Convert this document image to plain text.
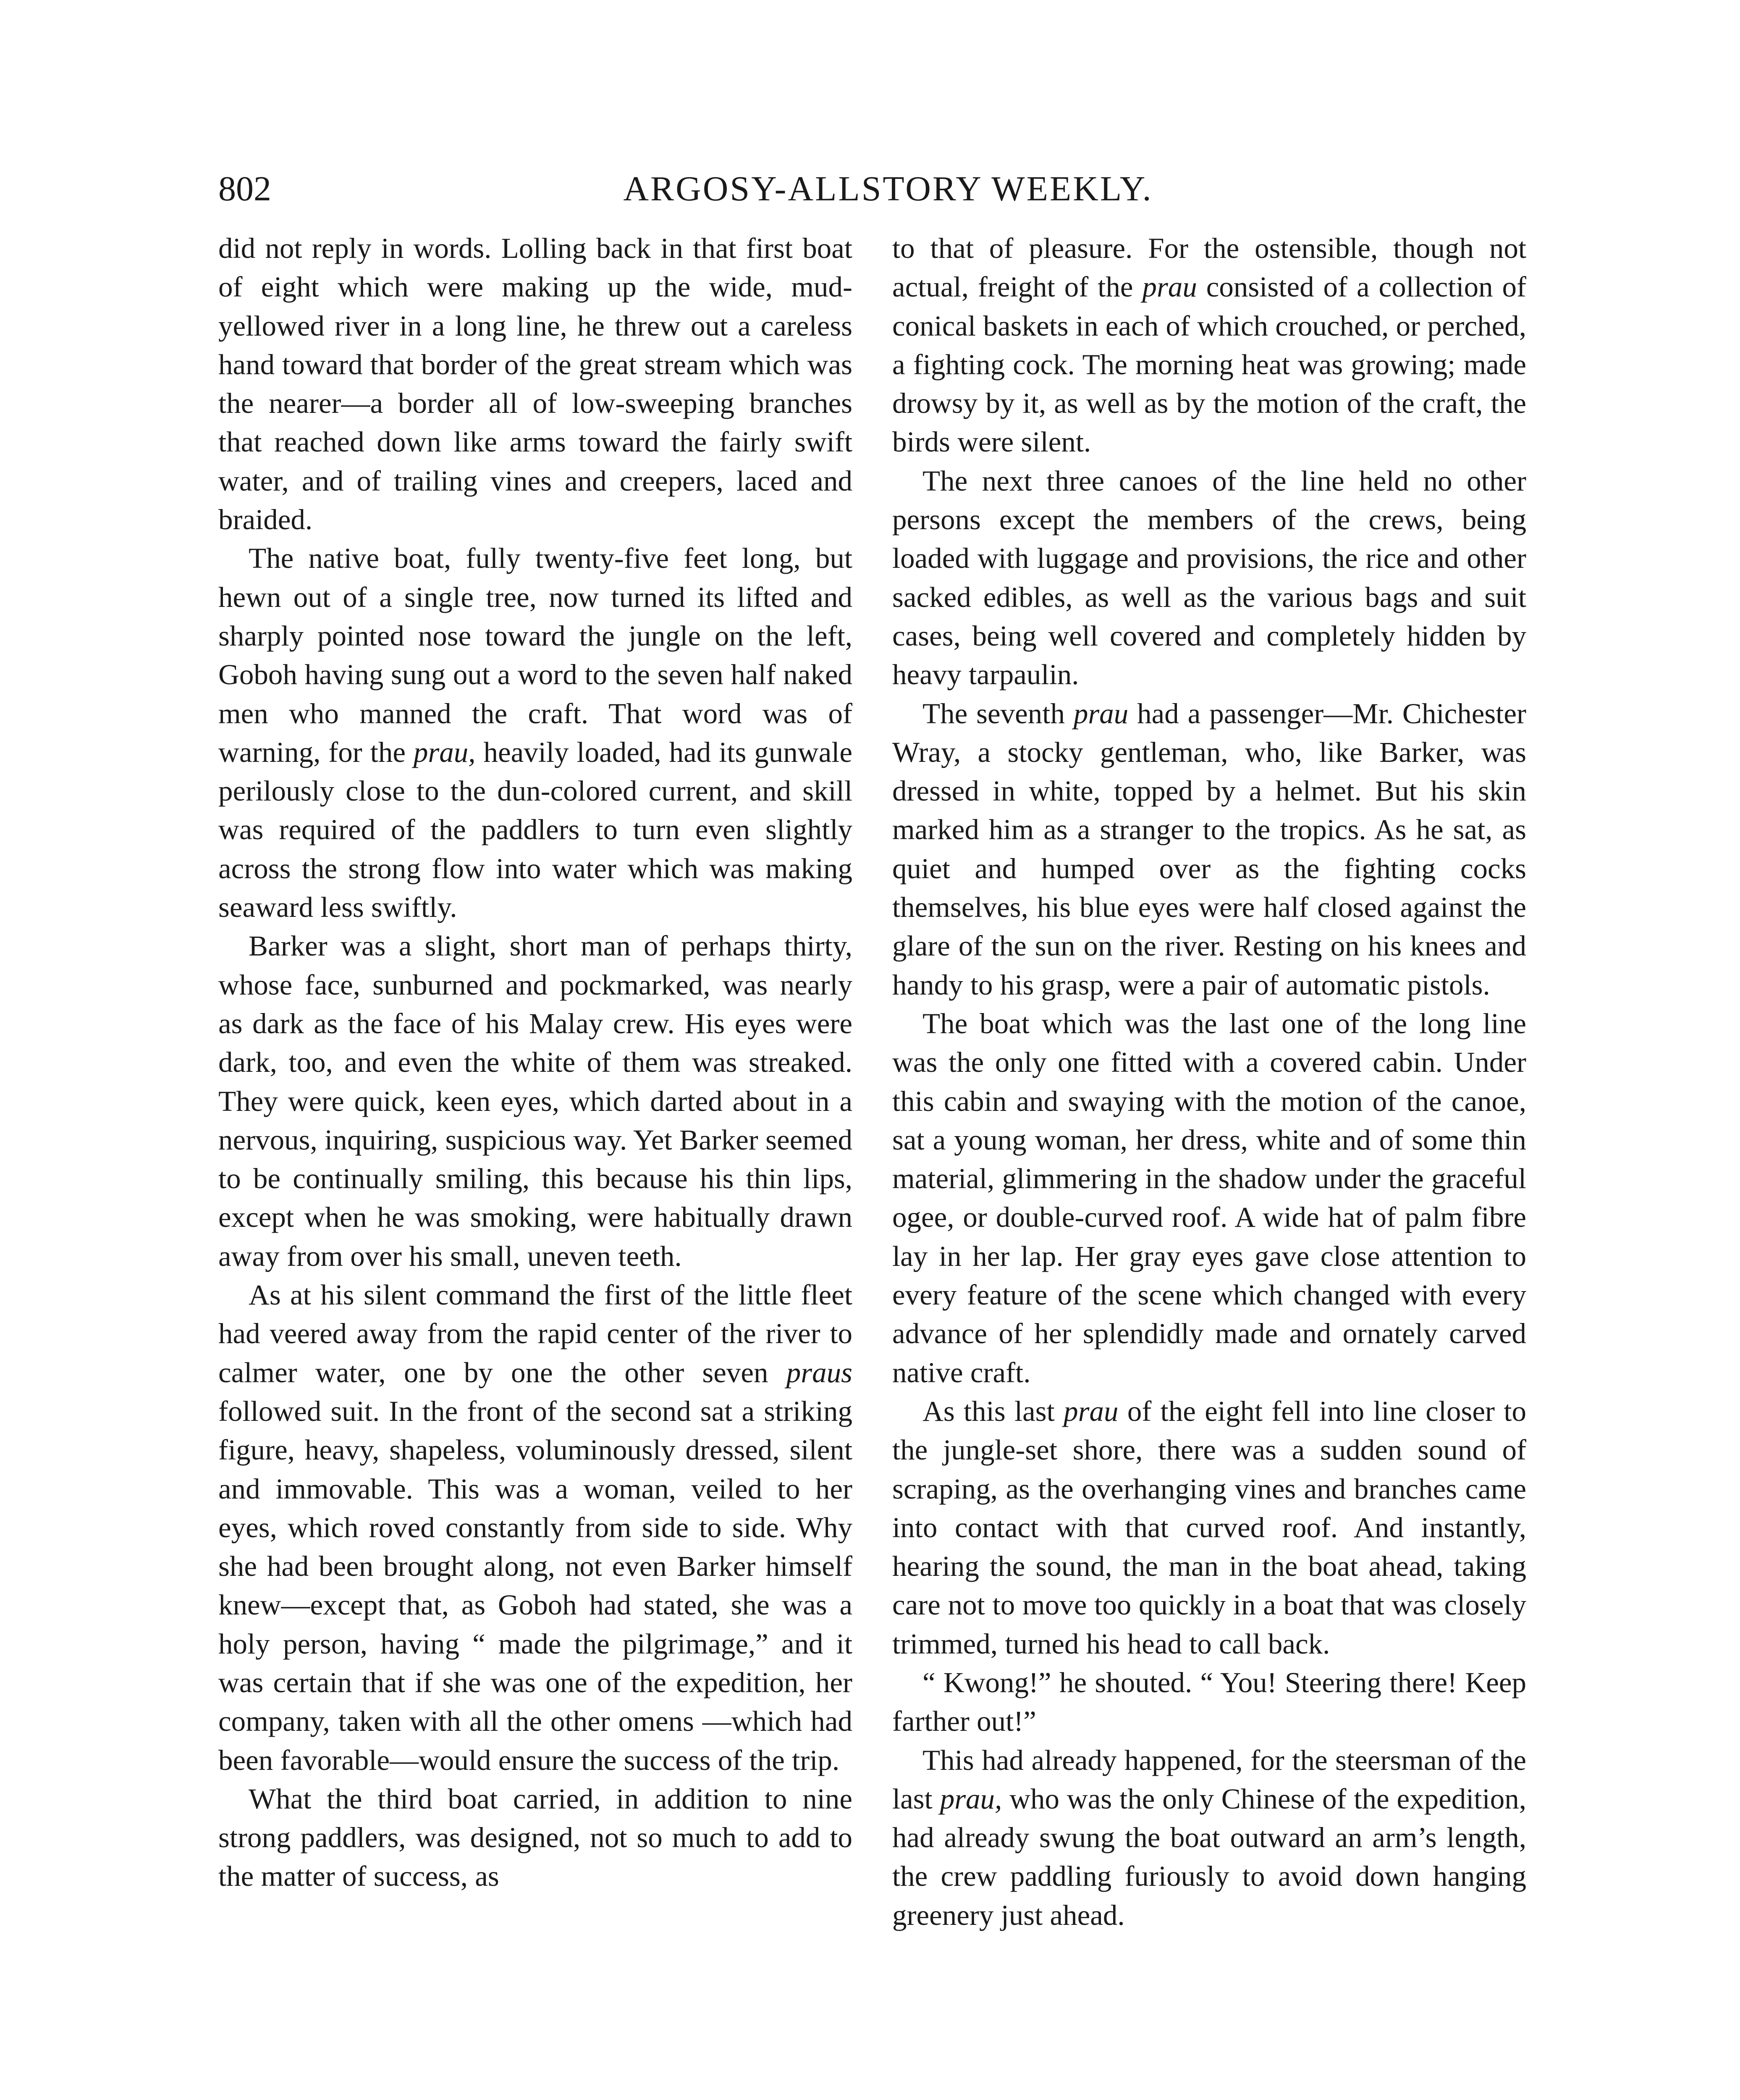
802	ARGOSY-ALLSTORY WEEKLY.

did not reply in words. Lolling back in that first boat of eight which were making up the wide, mud-yellowed river in a long line, he threw out a careless hand toward that border of the great stream which was the nearer—a border all of low-sweeping branches that reached down like arms toward the fairly swift water, and of trailing vines and creepers, laced and braided.

The native boat, fully twenty-five feet long, but hewn out of a single tree, now turned its lifted and sharply pointed nose toward the jungle on the left, Goboh having sung out a word to the seven half naked men who manned the craft. That word was of warning, for the prau, heavily loaded, had its gunwale perilously close to the dun-colored current, and skill was required of the paddlers to turn even slightly across the strong flow into water which was making seaward less swiftly.

Barker was a slight, short man of perhaps thirty, whose face, sunburned and pockmarked, was nearly as dark as the face of his Malay crew. His eyes were dark, too, and even the white of them was streaked. They were quick, keen eyes, which darted about in a nervous, inquiring, suspicious way. Yet Barker seemed to be continually smiling, this because his thin lips, except when he was smoking, were habitually drawn away from over his small, uneven teeth.

As at his silent command the first of the little fleet had veered away from the rapid center of the river to calmer water, one by one the other seven praus followed suit. In the front of the second sat a striking figure, heavy, shapeless, voluminously dressed, silent and immovable. This was a woman, veiled to her eyes, which roved constantly from side to side. Why she had been brought along, not even Barker himself knew—except that, as Goboh had stated, she was a holy person, having “ made the pilgrimage,” and it was certain that if she was one of the expedition, her company, taken with all the other omens —which had been favorable—would ensure the success of the trip.

What the third boat carried, in addition to nine strong paddlers, was designed, not so much to add to the matter of success, as

to that of pleasure. For the ostensible, though not actual, freight of the prau consisted of a collection of conical baskets in each of which crouched, or perched, a fighting cock. The morning heat was growing; made drowsy by it, as well as by the motion of the craft, the birds were silent.

The next three canoes of the line held no other persons except the members of the crews, being loaded with luggage and provisions, the rice and other sacked edibles, as well as the various bags and suit cases, being well covered and completely hidden by heavy tarpaulin.

The seventh prau had a passenger—Mr. Chichester Wray, a stocky gentleman, who, like Barker, was dressed in white, topped by a helmet. But his skin marked him as a stranger to the tropics. As he sat, as quiet and humped over as the fighting cocks themselves, his blue eyes were half closed against the glare of the sun on the river. Resting on his knees and handy to his grasp, were a pair of automatic pistols.

The boat which was the last one of the long line was the only one fitted with a covered cabin. Under this cabin and swaying with the motion of the canoe, sat a young woman, her dress, white and of some thin material, glimmering in the shadow under the graceful ogee, or double-curved roof. A wide hat of palm fibre lay in her lap. Her gray eyes gave close attention to every feature of the scene which changed with every advance of her splendidly made and ornately carved native craft.

As this last prau of the eight fell into line closer to the jungle-set shore, there was a sudden sound of scraping, as the overhanging vines and branches came into contact with that curved roof. And instantly, hearing the sound, the man in the boat ahead, taking care not to move too quickly in a boat that was closely trimmed, turned his head to call back.

“ Kwong!” he shouted. “ You! Steering there! Keep farther out!”

This had already happened, for the steersman of the last prau, who was the only Chinese of the expedition, had already swung the boat outward an arm’s length, the crew paddling furiously to avoid down hanging greenery just ahead.
